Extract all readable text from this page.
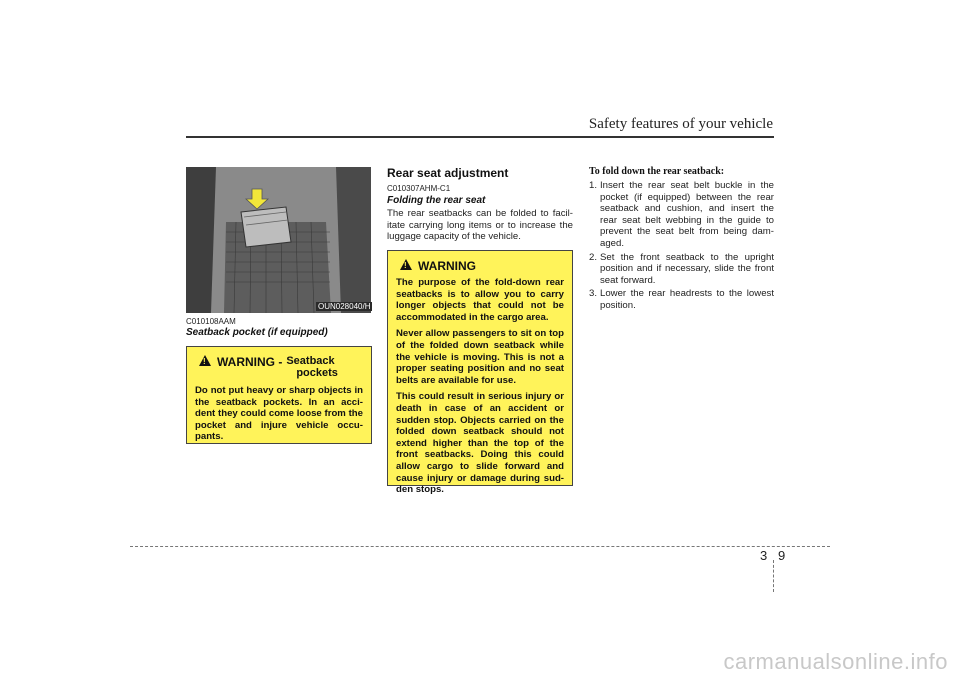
Safety features of your vehicle
OUN028040/H
C010108AAM
Seatback pocket (if equipped)
! WARNING - Seatback
pockets
Do not put heavy or sharp objects in the seatback pockets. In an acci-dent they could come loose from the pocket and injure vehicle occu-pants.
Rear seat adjustment
C010307AHM-C1
Folding the rear seat
The rear seatbacks can be folded to facil-itate carrying long items or to increase the luggage capacity of the vehicle.
! WARNING
The purpose of the fold-down rear seatbacks is to allow you to carry longer objects that could not be accommodated in the cargo area.
Never allow passengers to sit on top of the folded down seatback while the vehicle is moving. This is not a proper seating position and no seat belts are available for use.
This could result in serious injury or death in case of an accident or sudden stop. Objects carried on the folded down seatback should not extend higher than the top of the front seatbacks. Doing this could allow cargo to slide forward and cause injury or damage during sud-den stops.
To fold down the rear seatback:
1. Insert the rear seat belt buckle in the pocket (if equipped) between the rear seatback and cushion, and insert the rear seat belt webbing in the guide to prevent the seat belt from being dam-aged.
2. Set the front seatback to the upright position and if necessary, slide the front seat forward.
3. Lower the rear headrests to the lowest position.
3 9
carmanualsonline.info
